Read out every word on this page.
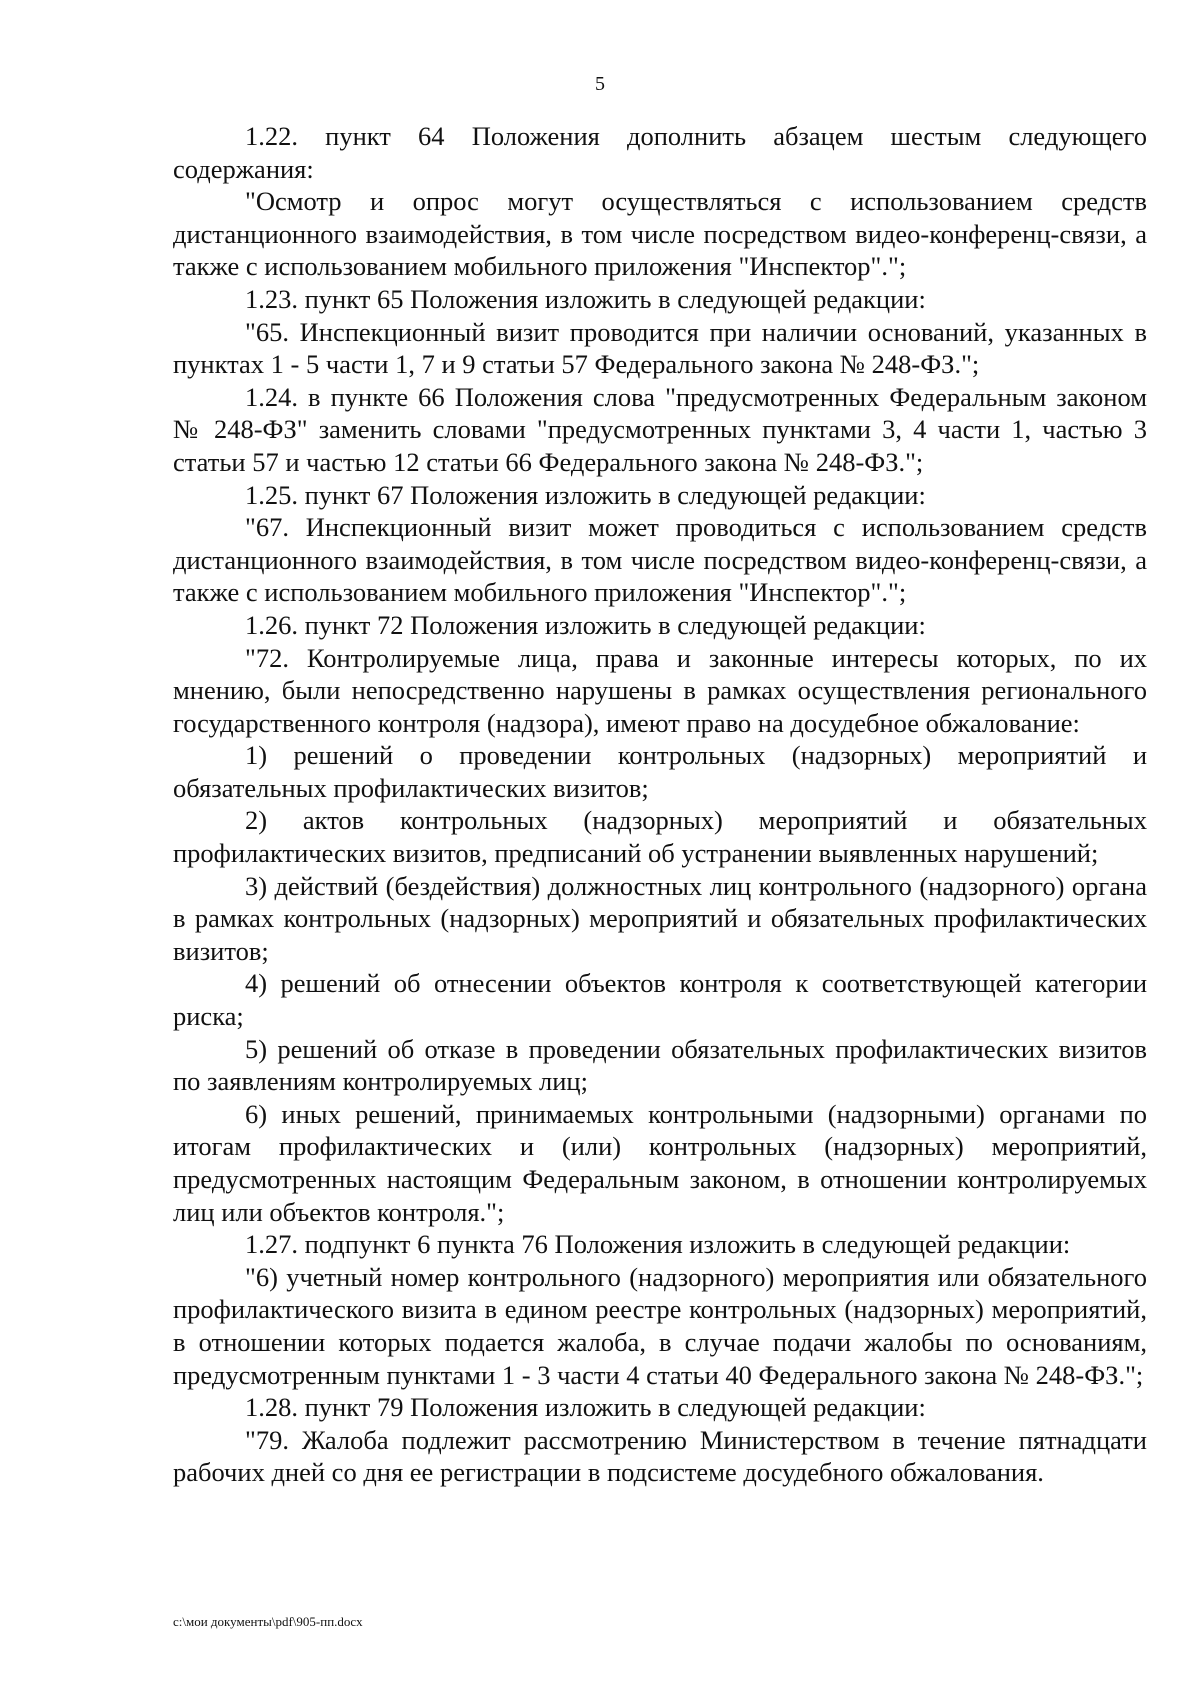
5

1.22. пункт 64 Положения дополнить абзацем шестым следующего содержания:

"Осмотр и опрос могут осуществляться с использованием средств дистанционного взаимодействия, в том числе посредством видео-конференц-связи, а также с использованием мобильного приложения "Инспектор".";

1.23. пункт 65 Положения изложить в следующей редакции:

"65. Инспекционный визит проводится при наличии оснований, указанных в пунктах 1 - 5 части 1, 7 и 9 статьи 57 Федерального закона № 248-ФЗ.";

1.24. в пункте 66 Положения слова "предусмотренных Федеральным законом № 248-ФЗ" заменить словами "предусмотренных пунктами 3, 4 части 1, частью 3 статьи 57 и частью 12 статьи 66 Федерального закона № 248-ФЗ.";

1.25. пункт 67 Положения изложить в следующей редакции:

"67. Инспекционный визит может проводиться с использованием средств дистанционного взаимодействия, в том числе посредством видео-конференц-связи, а также с использованием мобильного приложения "Инспектор".";

1.26. пункт 72 Положения изложить в следующей редакции:

"72. Контролируемые лица, права и законные интересы которых, по их мнению, были непосредственно нарушены в рамках осуществления регионального государственного контроля (надзора), имеют право на досудебное обжалование:

1) решений о проведении контрольных (надзорных) мероприятий и обязательных профилактических визитов;

2) актов контрольных (надзорных) мероприятий и обязательных профилактических визитов, предписаний об устранении выявленных нарушений;

3) действий (бездействия) должностных лиц контрольного (надзорного) органа в рамках контрольных (надзорных) мероприятий и обязательных профилактических визитов;

4) решений об отнесении объектов контроля к соответствующей категории риска;

5) решений об отказе в проведении обязательных профилактических визитов по заявлениям контролируемых лиц;

6) иных решений, принимаемых контрольными (надзорными) органами по итогам профилактических и (или) контрольных (надзорных) мероприятий, предусмотренных настоящим Федеральным законом, в отношении контролируемых лиц или объектов контроля.";

1.27. подпункт 6 пункта 76 Положения изложить в следующей редакции:

"6) учетный номер контрольного (надзорного) мероприятия или обязательного профилактического визита в едином реестре контрольных (надзорных) мероприятий, в отношении которых подается жалоба, в случае подачи жалобы по основаниям, предусмотренным пунктами 1 - 3 части 4 статьи 40 Федерального закона № 248-ФЗ.";

1.28. пункт 79 Положения изложить в следующей редакции:

"79. Жалоба подлежит рассмотрению Министерством в течение пятнадцати рабочих дней со дня ее регистрации в подсистеме досудебного обжалования.

c:\мои документы\pdf\905-пп.docx
